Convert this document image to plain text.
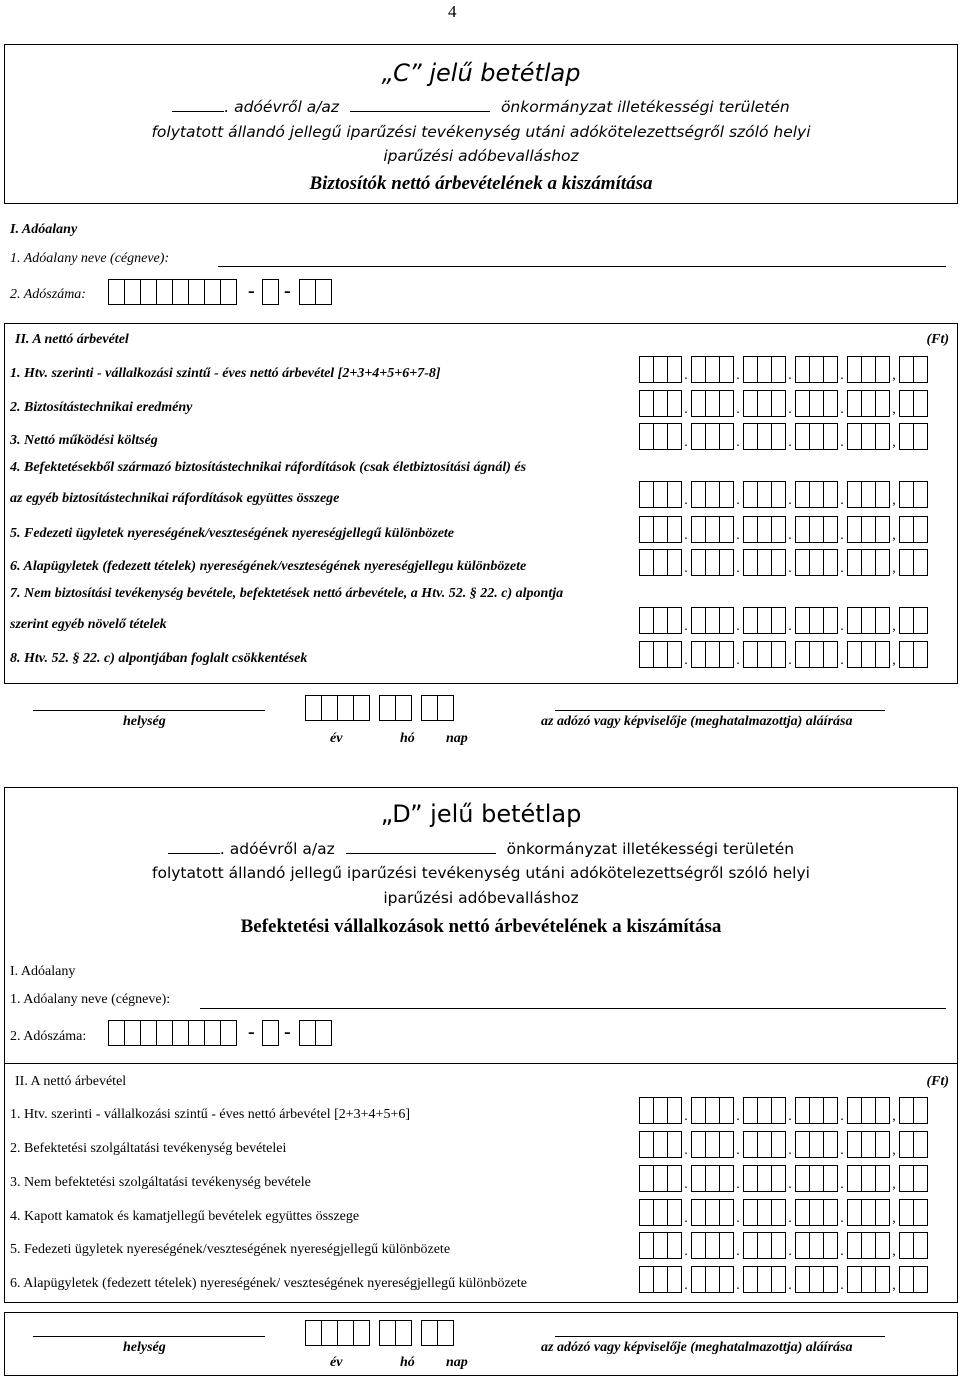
4
„C” jelű betétlap
. adóévről a/az	önkormányzat illetékességi területén
folytatott állandó jellegű iparűzési tevékenység utáni adókötelezettségről szóló helyi
iparűzési adóbevalláshoz
Biztosítók nettó árbevételének a kiszámítása
I. Adóalany
1. Adóalany neve (cégneve):
2. Adószáma:	- -
II. A nettó árbevétel	(Ft)
1. Htv. szerinti - vállalkozási szintű - éves nettó árbevétel [2+3+4+5+6+7-8]	.	.	.	.	,
2. Biztosítástechnikai eredmény	.	.	.	.	,
3. Nettó működési költség	.	.	.	.	,
4. Befektetésekből származó biztosítástechnikai ráfordítások (csak életbiztosítási ágnál) és
az egyéb biztosítástechnikai ráfordítások együttes összege	.	.	.	.	,
5. Fedezeti ügyletek nyereségének/veszteségének nyereségjellegű különbözete	.	.	.	.	,
6. Alapügyletek (fedezett tételek) nyereségének/veszteségének nyereségjellegu különbözete	.	.	.	.	,
7. Nem biztosítási tevékenység bevétele, befektetések nettó árbevétele, a Htv. 52. § 22. c) alpontja
szerint egyéb növelő tételek	.	.	.	.	,
8. Htv. 52. § 22. c) alpontjában foglalt csökkentések	.	.	.	.	,
helység
év	hó nap
az adózó vagy képviselője (meghatalmazottja) aláírása
„D” jelű betétlap
. adóévről a/az	önkormányzat illetékességi területén
folytatott állandó jellegű iparűzési tevékenység utáni adókötelezettségről szóló helyi
iparűzési adóbevalláshoz
Befektetési vállalkozások nettó árbevételének a kiszámítása
I. Adóalany
1. Adóalany neve (cégneve):
2. Adószáma:	- -
II. A nettó árbevétel	(Ft)
1. Htv. szerinti - vállalkozási szintű - éves nettó árbevétel [2+3+4+5+6]	.	.	.	.	,
2. Befektetési szolgáltatási tevékenység bevételei	.	.	.	.	,
3. Nem befektetési szolgáltatási tevékenység bevétele	.	.	.	.	,
4. Kapott kamatok és kamatjellegű bevételek együttes összege	.	.	.	.	,
5. Fedezeti ügyletek nyereségének/veszteségének nyereségjellegű különbözete	.	.	.	.	,
6. Alapügyletek (fedezett tételek) nyereségének/ veszteségének nyereségjellegű különbözete	.	.	.	.	,
helység
év	hó nap
az adózó vagy képviselője (meghatalmazottja) aláírása
